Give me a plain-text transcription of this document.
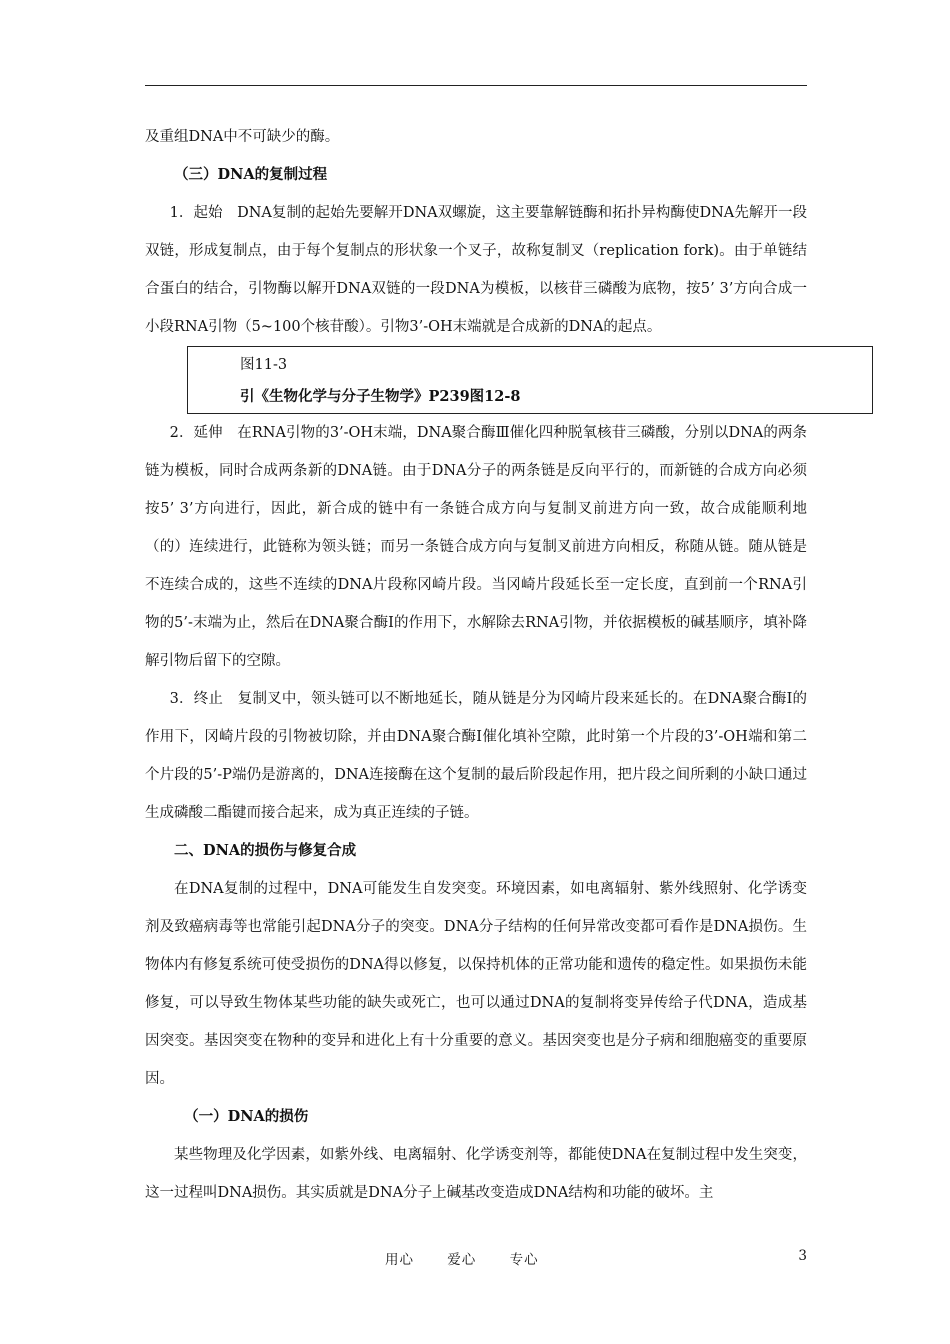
及重组DNA中不可缺少的酶。

（三）DNA的复制过程

1．起始　DNA复制的起始先要解开DNA双螺旋，这主要靠解链酶和拓扑异构酶使DNA先解开一段双链，形成复制点，由于每个复制点的形状象一个叉子，故称复制叉（replication fork)。由于单链结合蛋白的结合，引物酶以解开DNA双链的一段DNA为模板，以核苷三磷酸为底物，按5’ 3’方向合成一小段RNA引物（5~100个核苷酸）。引物3’-OH末端就是合成新的DNA的起点。

图11-3
引《生物化学与分子生物学》P239图12-8

2．延伸　在RNA引物的3’-OH末端，DNA聚合酶Ⅲ催化四种脱氧核苷三磷酸，分别以DNA的两条链为模板，同时合成两条新的DNA链。由于DNA分子的两条链是反向平行的，而新链的合成方向必须按5’ 3’方向进行，因此，新合成的链中有一条链合成方向与复制叉前进方向一致，故合成能顺利地（的）连续进行，此链称为领头链；而另一条链合成方向与复制叉前进方向相反，称随从链。随从链是不连续合成的，这些不连续的DNA片段称冈崎片段。当冈崎片段延长至一定长度，直到前一个RNA引物的5’-末端为止，然后在DNA聚合酶Ⅰ的作用下，水解除去RNA引物，并依据模板的碱基顺序，填补降解引物后留下的空隙。

3．终止　复制叉中，领头链可以不断地延长，随从链是分为冈崎片段来延长的。在DNA聚合酶Ⅰ的作用下，冈崎片段的引物被切除，并由DNA聚合酶Ⅰ催化填补空隙，此时第一个片段的3’-OH端和第二个片段的5’-P端仍是游离的，DNA连接酶在这个复制的最后阶段起作用，把片段之间所剩的小缺口通过生成磷酸二酯键而接合起来，成为真正连续的子链。

二、DNA的损伤与修复合成

在DNA复制的过程中，DNA可能发生自发突变。环境因素，如电离辐射、紫外线照射、化学诱变剂及致癌病毒等也常能引起DNA分子的突变。DNA分子结构的任何异常改变都可看作是DNA损伤。生物体内有修复系统可使受损伤的DNA得以修复，以保持机体的正常功能和遗传的稳定性。如果损伤未能修复，可以导致生物体某些功能的缺失或死亡，也可以通过DNA的复制将变异传给子代DNA，造成基因突变。基因突变在物种的变异和进化上有十分重要的意义。基因突变也是分子病和细胞癌变的重要原因。

（一）DNA的损伤

某些物理及化学因素，如紫外线、电离辐射、化学诱变剂等，都能使DNA在复制过程中发生突变，这一过程叫DNA损伤。其实质就是DNA分子上碱基改变造成DNA结构和功能的破坏。主

用心 爱心 专心	3
